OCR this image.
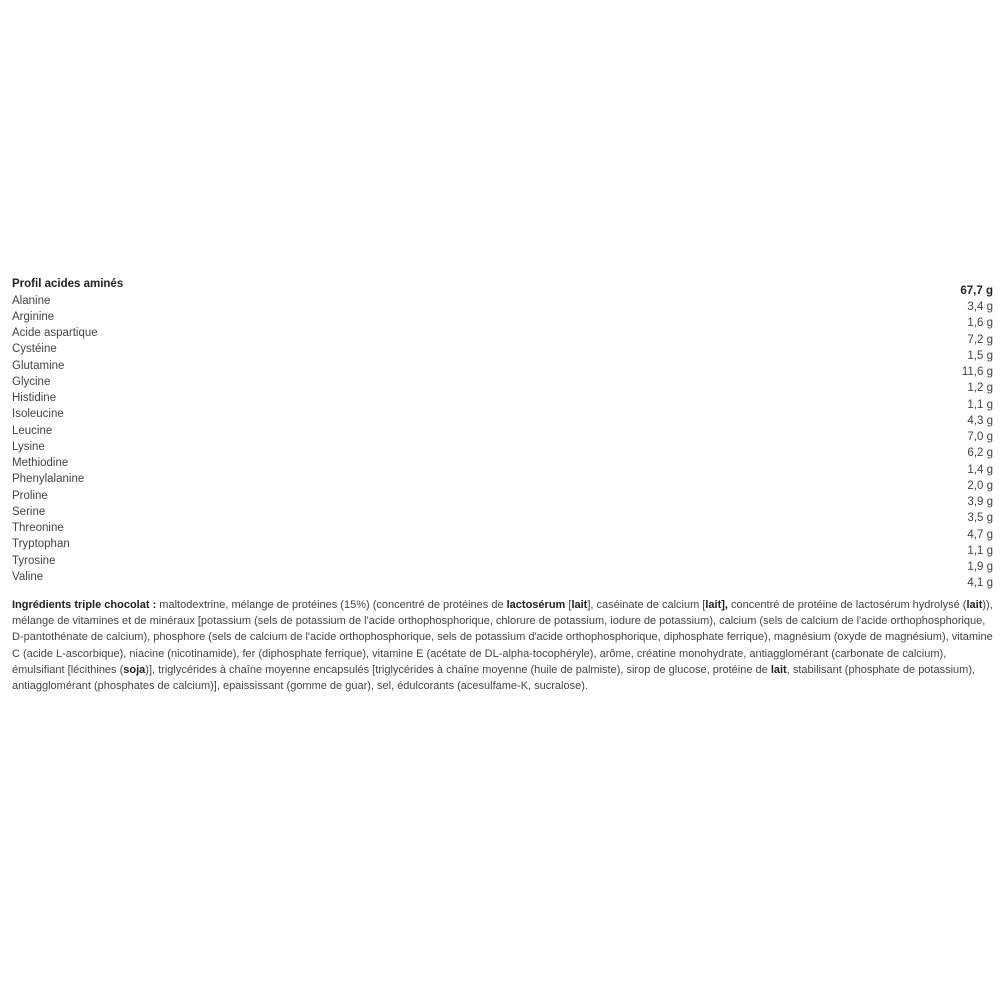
Profil acides aminés
67,7 g
Alanine
Arginine
Acide aspartique
Cystéine
Glutamine
Glycine
Histidine
Isoleucine
Leucine
Lysine
Methiodine
Phenylalanine
Proline
Serine
Threonine
Tryptophan
Tyrosine
Valine
3,4 g
1,6 g
7,2 g
1,5 g
11,6 g
1,2 g
1,1 g
4,3 g
7,0 g
6,2 g
1,4 g
2,0 g
3,9 g
3,5 g
4,7 g
1,1 g
1,9 g
4,1 g

Ingrédients triple chocolat : maltodextrine, mélange de protéines (15%) (concentré de protéines de lactosérum [lait], caséinate de calcium [lait], concentré de protéine de lactosérum hydrolysé (lait)), mélange de vitamines et de minéraux [potassium (sels de potassium de l'acide orthophosphorique, chlorure de potassium, iodure de potassium), calcium (sels de calcium de l'acide orthophosphorique, D-pantothénate de calcium), phosphore (sels de calcium de l'acide orthophosphorique, sels de potassium d'acide orthophosphorique, diphosphate ferrique), magnésium (oxyde de magnésium), vitamine C (acide L-ascorbique), niacine (nicotinamide), fer (diphosphate ferrique), vitamine E (acétate de DL-alpha-tocophéryle), arôme, créatine monohydrate, antiagglomérant (carbonate de calcium), émulsifiant [lécithines (soja)], triglycérides à chaîne moyenne encapsulés [triglycérides à chaîne moyenne (huile de palmiste), sirop de glucose, protéine de lait, stabilisant (phosphate de potassium), antiagglomérant (phosphates de calcium)], epaississant (gomme de guar), sel, édulcorants (acesulfame-K, sucralose).
